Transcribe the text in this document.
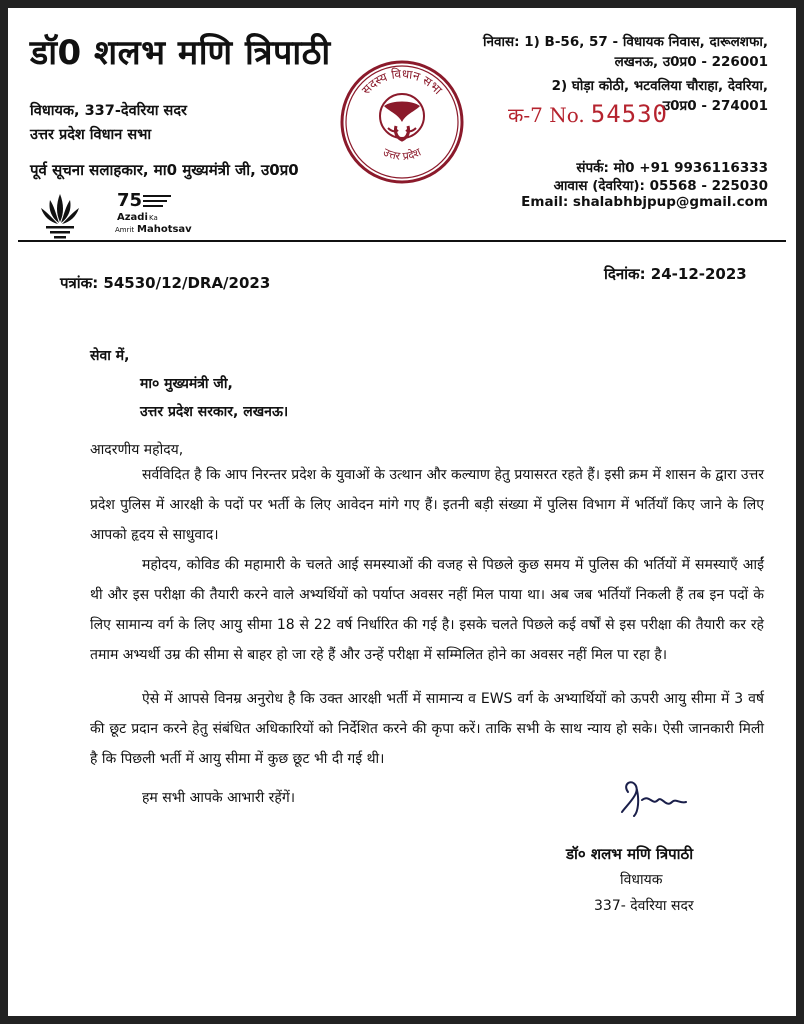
डॉ0 शलभ मणि त्रिपाठी
विधायक, 337-देवरिया सदर
उत्तर प्रदेश विधान सभा
पूर्व सूचना सलाहकार, मा0 मुख्यमंत्री जी, उ0प्र0

75
Azadi Ka
Amrit Mahotsav
सदस्य विधान सभा
उत्तर प्रदेश
निवास: 1) B-56, 57 - विधायक निवास, दारूलशफा,
लखनऊ, उ0प्र0 - 226001
2) घोड़ा कोठी, भटवलिया चौराहा, देवरिया,
उ0प्र0 - 274001
क-7 No. 54530
संपर्क: मो0 +91 9936116333
आवास (देवरिया): 05568 - 225030
Email: shalabhbjpup@gmail.com
पत्रांक: 54530/12/DRA/2023	दिनांक: 24-12-2023
सेवा में,
मा० मुख्यमंत्री जी,
उत्तर प्रदेश सरकार, लखनऊ।
आदरणीय महोदय,
सर्वविदित है कि आप निरन्तर प्रदेश के युवाओं के उत्थान और कल्याण हेतु प्रयासरत रहते हैं। इसी क्रम में शासन के द्वारा उत्तर प्रदेश पुलिस में आरक्षी के पदों पर भर्ती के लिए आवेदन मांगे गए हैं। इतनी बड़ी संख्या में पुलिस विभाग में भर्तियाँ किए जाने के लिए आपको हृदय से साधुवाद।
महोदय, कोविड की महामारी के चलते आई समस्याओं की वजह से पिछले कुछ समय में पुलिस की भर्तियों में समस्याएँ आईं थी और इस परीक्षा की तैयारी करने वाले अभ्यर्थियों को पर्याप्त अवसर नहीं मिल पाया था। अब जब भर्तियाँ निकली हैं तब इन पदों के लिए सामान्य वर्ग के लिए आयु सीमा 18 से 22 वर्ष निर्धारित की गई है। इसके चलते पिछले कई वर्षों से इस परीक्षा की तैयारी कर रहे तमाम अभ्यर्थी उम्र की सीमा से बाहर हो जा रहे हैं और उन्हें परीक्षा में सम्मिलित होने का अवसर नहीं मिल पा रहा है।
ऐसे में आपसे विनम्र अनुरोध है कि उक्त आरक्षी भर्ती में सामान्य व EWS वर्ग के अभ्यार्थियों को ऊपरी आयु सीमा में 3 वर्ष की छूट प्रदान करने हेतु संबंधित अधिकारियों को निर्देशित करने की कृपा करें। ताकि सभी के साथ न्याय हो सके। ऐसी जानकारी मिली है कि पिछली भर्ती में आयु सीमा में कुछ छूट भी दी गई थी।
हम सभी आपके आभारी रहेंगें।
डॉ० शलभ मणि त्रिपाठी
विधायक
337- देवरिया सदर
